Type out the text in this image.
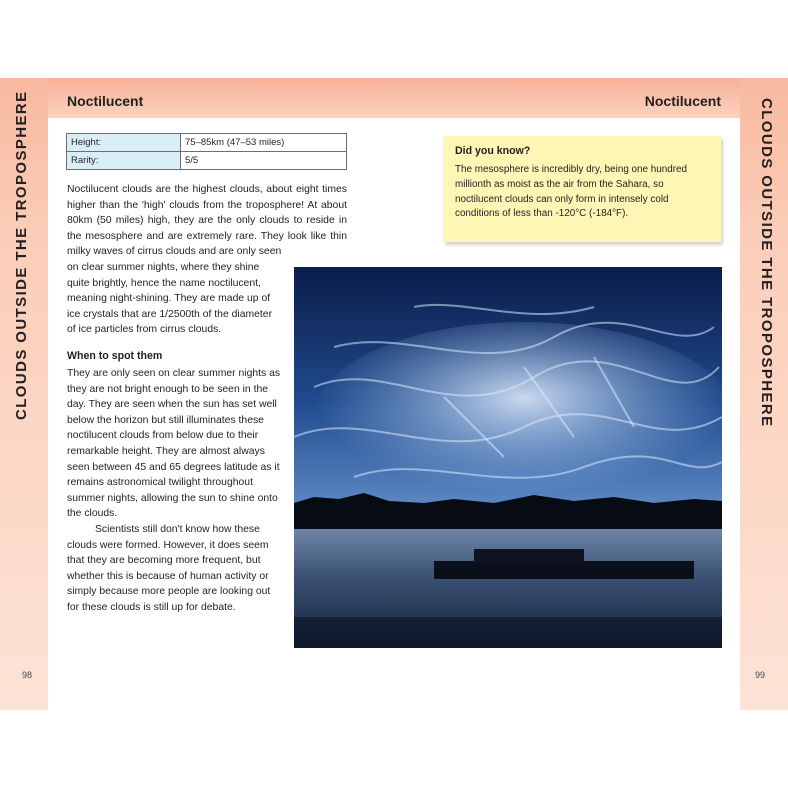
Noctilucent	Noctilucent
CLOUDS OUTSIDE THE TROPOSPHERE	CLOUDS OUTSIDE THE TROPOSPHERE
98	99
Height:	75–85km (47–53 miles)
Rarity:	5/5

Noctilucent clouds are the highest clouds, about eight times higher than the 'high' clouds from the troposphere! At about 80km (50 miles) high, they are the only clouds to reside in the mesosphere and are extremely rare. They look like thin milky waves of cirrus clouds and are only seen

on clear summer nights, where they shine quite brightly, hence the name noctilucent, meaning night-shining. They are made up of ice crystals that are 1/2500th of the diameter of ice particles from cirrus clouds.

When to spot them
They are only seen on clear summer nights as they are not bright enough to be seen in the day. They are seen when the sun has set well below the horizon but still illuminates these noctilucent clouds from below due to their remarkable height. They are almost always seen between 45 and 65 degrees latitude as it remains astronomical twilight throughout summer nights, allowing the sun to shine onto the clouds.
Scientists still don't know how these clouds were formed. However, it does seem that they are becoming more frequent, but whether this is because of human activity or simply because more people are looking out for these clouds is still up for debate.
Did you know?

The mesosphere is incredibly dry, being one hundred millionth as moist as the air from the Sahara, so noctilucent clouds can only form in intensely cold conditions of less than -120°C (-184°F).
